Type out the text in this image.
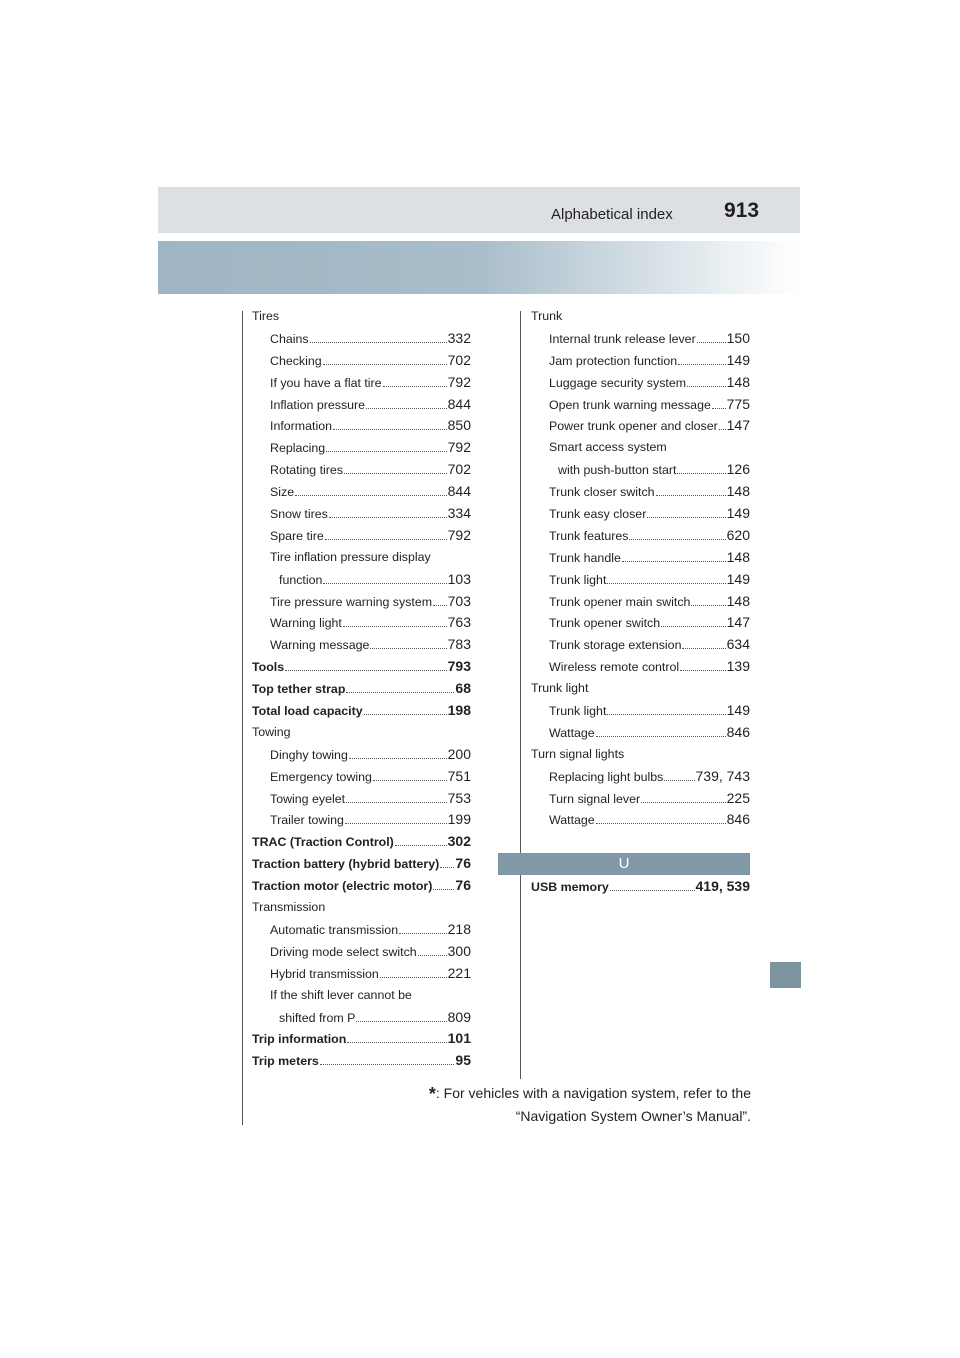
Alphabetical index 913
Tires
Chains	332
Checking	702
If you have a flat tire	792
Inflation pressure	844
Information	850
Replacing	792
Rotating tires	702
Size	844
Snow tires	334
Spare tire	792
Tire inflation pressure display
function	103
Tire pressure warning system 703
Warning light	763
Warning message	783
Tools	793
Top tether strap	68
Total load capacity	198
Towing
Dinghy towing	200
Emergency towing	751
Towing eyelet	753
Trailer towing	199
TRAC (Traction Control)	302
Traction battery (hybrid battery) 76
Traction motor (electric motor) 76
Transmission
Automatic transmission	218
Driving mode select switch 300
Hybrid transmission	221
If the shift lever cannot be
shifted from P	809
Trip information	101
Trip meters	95
Trunk
Internal trunk release lever 150
Jam protection function	149
Luggage security system	148
Open trunk warning message 775
Power trunk opener and closer 147
Smart access system
with push-button start	126
Trunk closer switch	148
Trunk easy closer	149
Trunk features	620
Trunk handle	148
Trunk light	149
Trunk opener main switch	148
Trunk opener switch	147
Trunk storage extension	634
Wireless remote control	139
Trunk light
Trunk light	149
Wattage	846
Turn signal lights
Replacing light bulbs 739, 743
Turn signal lever	225
Wattage	846
U
USB memory	419, 539
*: For vehicles with a navigation system, refer to the
“Navigation System Owner’s Manual”.
